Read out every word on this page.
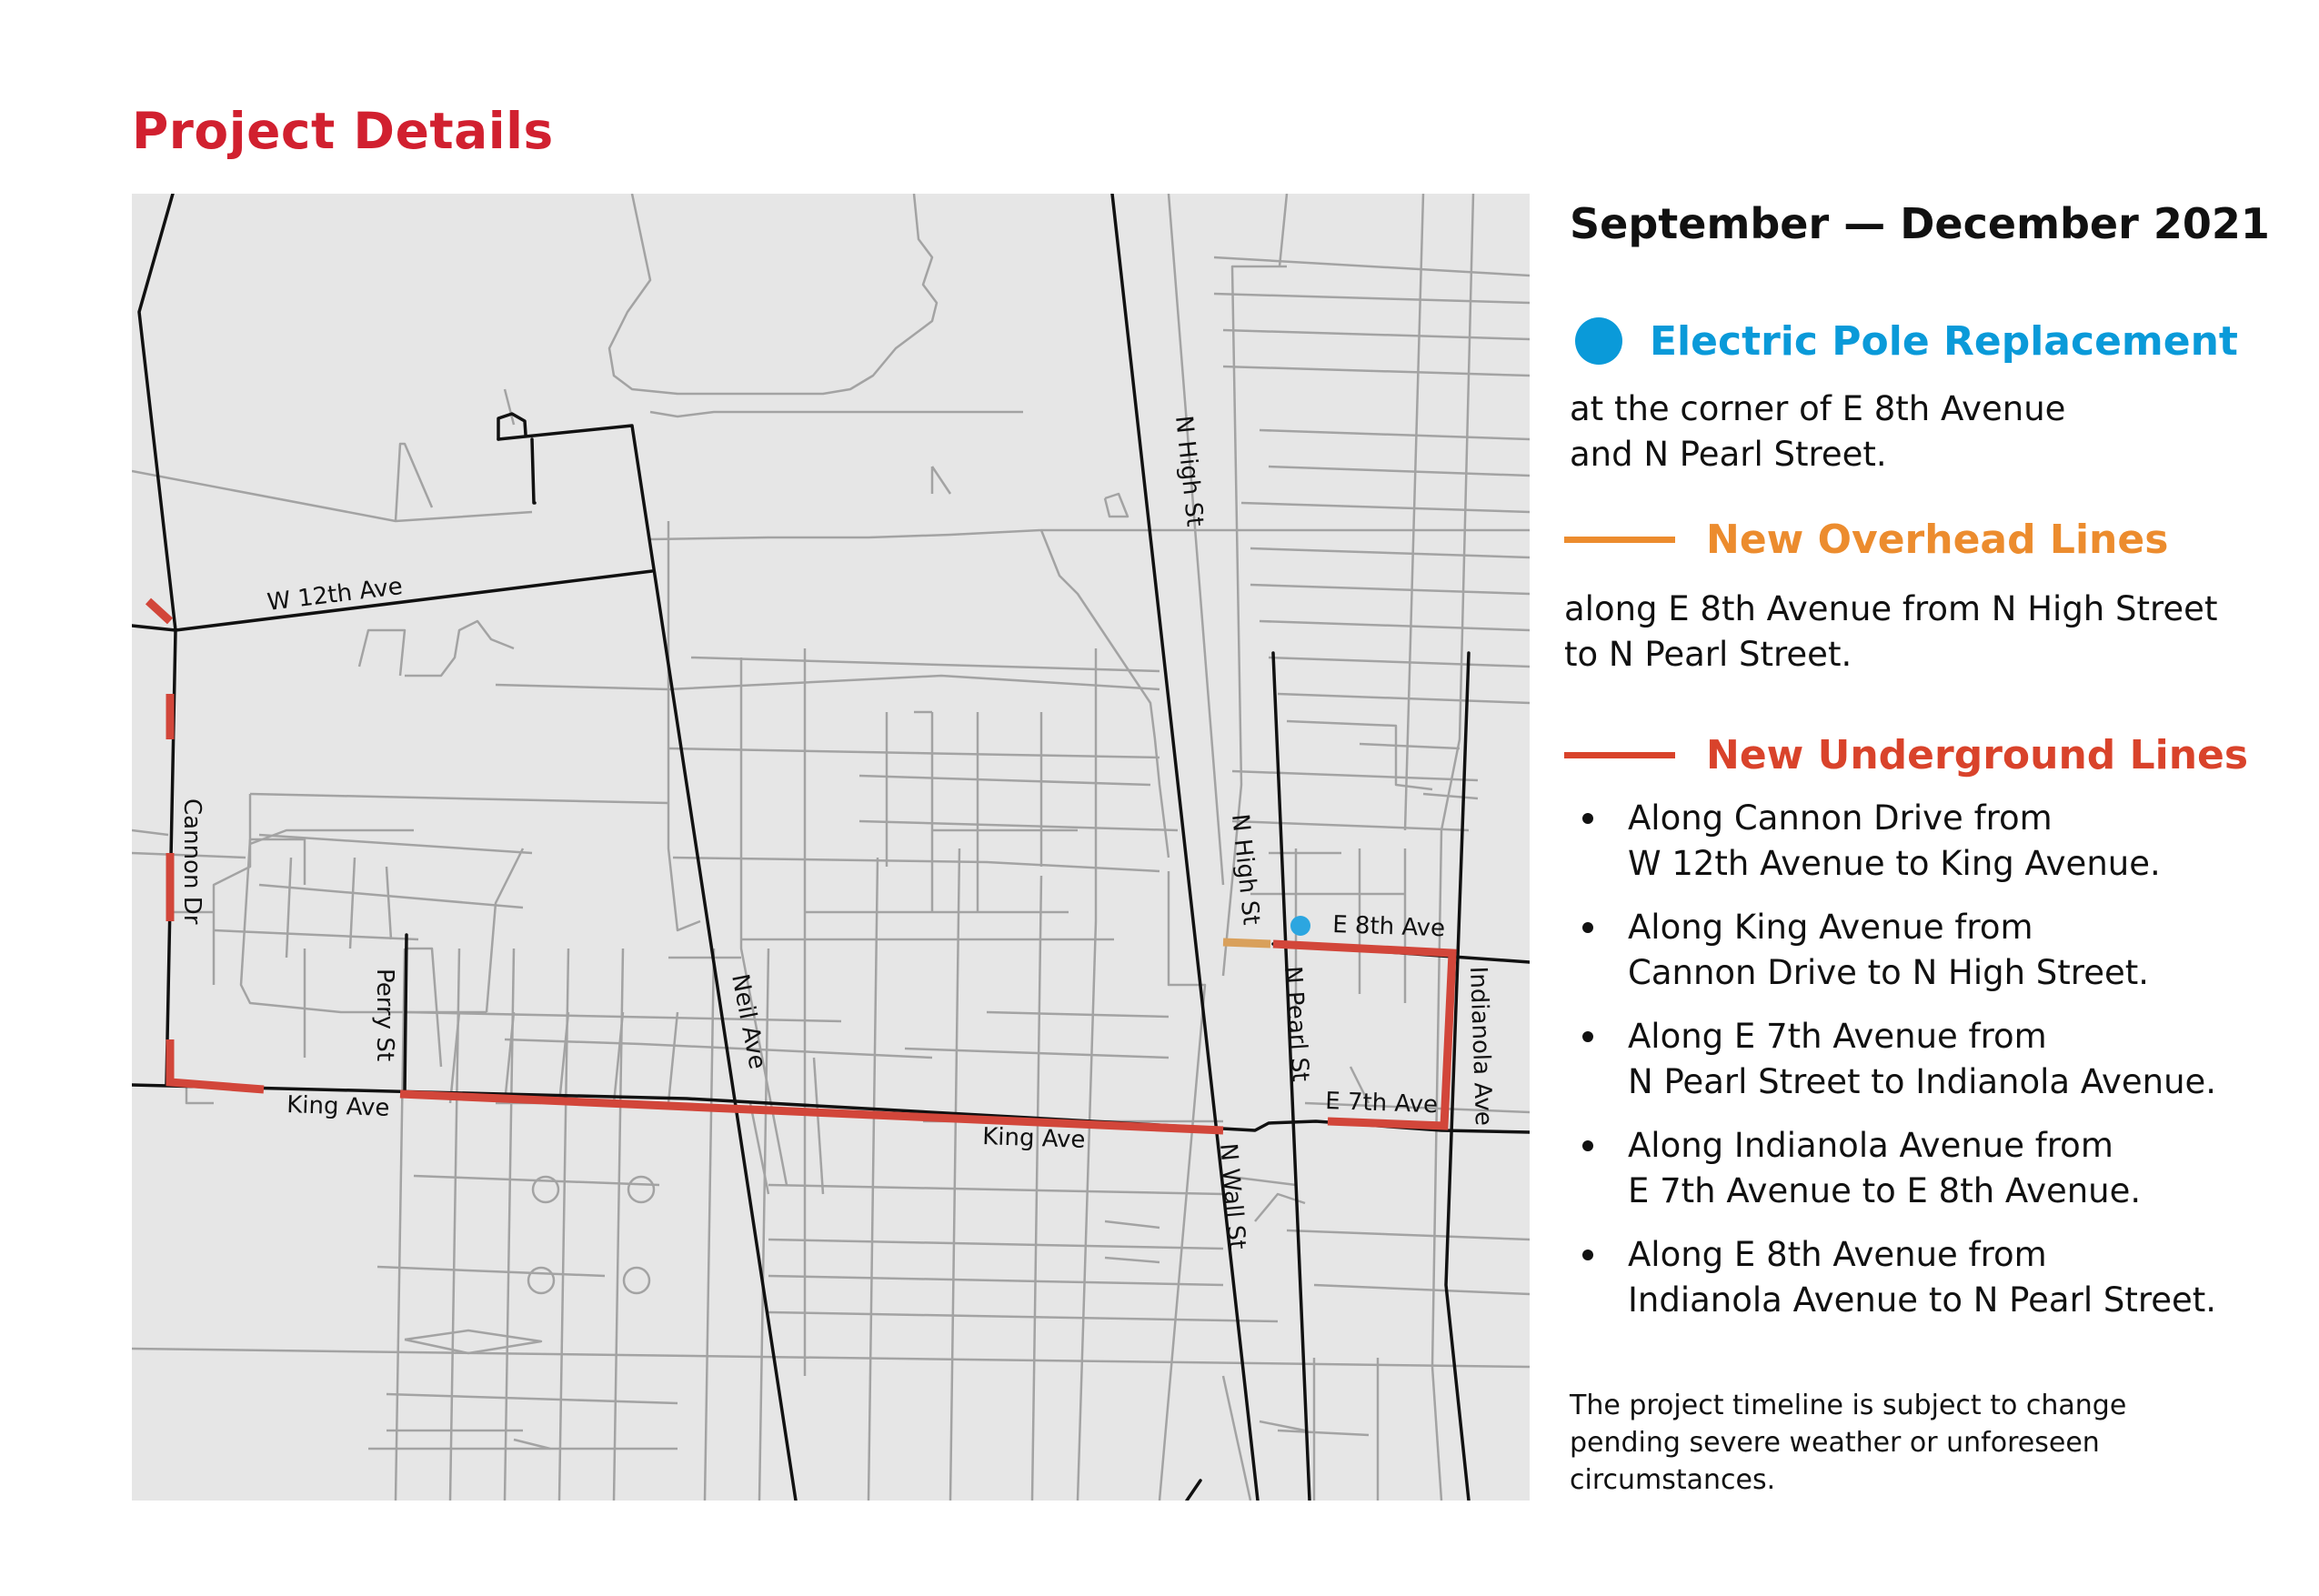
Project Details
W 12th Ave
Cannon Dr
Perry St	Neil Ave
King Ave
King Ave
N High St
N High St
E 8th Ave
N Pearl St
E 7th Ave Indianola Ave
N Wall St
September — December 2021
Electric Pole Replacement
at the corner of E 8th Avenue
and N Pearl Street.
New Overhead Lines
along E 8th Avenue from N High Street
to N Pearl Street.
New Underground Lines
Along Cannon Drive from
W 12th Avenue to King Avenue.
Along King Avenue from
Cannon Drive to N High Street.
Along E 7th Avenue from
N Pearl Street to Indianola Avenue.
Along Indianola Avenue from
E 7th Avenue to E 8th Avenue.
Along E 8th Avenue from
Indianola Avenue to N Pearl Street.
The project timeline is subject to change pending severe weather or unforeseen circumstances.
